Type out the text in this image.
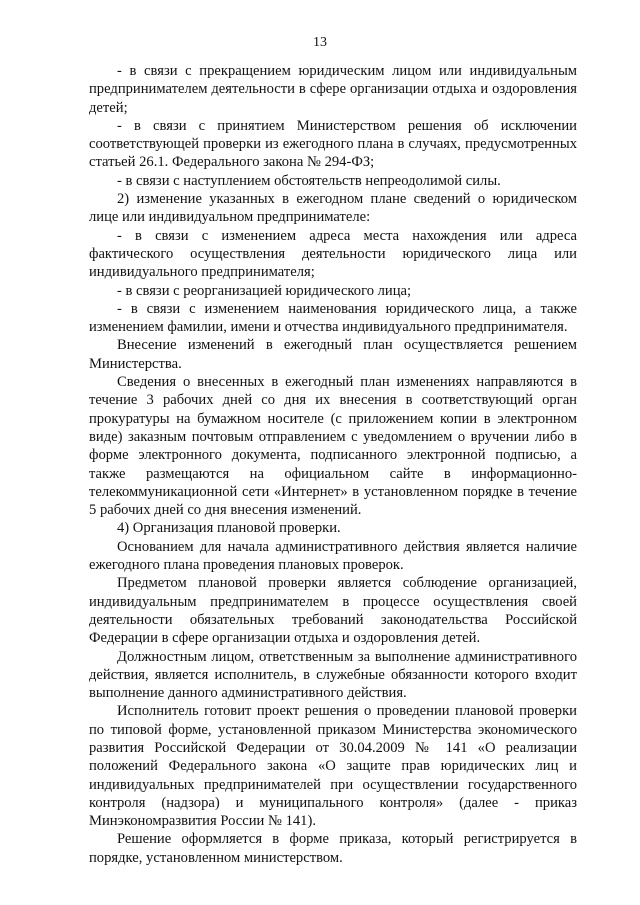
13

- в связи с прекращением юридическим лицом или индивидуальным предпринимателем деятельности в сфере организации отдыха и оздоровления детей;

- в связи с принятием Министерством решения об исключении соответствующей проверки из ежегодного плана в случаях, предусмотренных статьей 26.1. Федерального закона № 294-ФЗ;

- в связи с наступлением обстоятельств непреодолимой силы.

2) изменение указанных в ежегодном плане сведений о юридическом лице или индивидуальном предпринимателе:

- в связи с изменением адреса места нахождения или адреса фактического осуществления деятельности юридического лица или индивидуального предпринимателя;

- в связи с реорганизацией юридического лица;

- в связи с изменением наименования юридического лица, а также изменением фамилии, имени и отчества индивидуального предпринимателя.

Внесение изменений в ежегодный план осуществляется решением Министерства.

Сведения о внесенных в ежегодный план изменениях направляются в течение 3 рабочих дней со дня их внесения в соответствующий орган прокуратуры на бумажном носителе (с приложением копии в электронном виде) заказным почтовым отправлением с уведомлением о вручении либо в форме электронного документа, подписанного электронной подписью, а также размещаются на официальном сайте в информационно-телекоммуникационной сети «Интернет» в установленном порядке в течение 5 рабочих дней со дня внесения изменений.

4) Организация плановой проверки.

Основанием для начала административного действия является наличие ежегодного плана проведения плановых проверок.

Предметом плановой проверки является соблюдение организацией, индивидуальным предпринимателем в процессе осуществления своей деятельности обязательных требований законодательства Российской Федерации в сфере организации отдыха и оздоровления детей.

Должностным лицом, ответственным за выполнение административного действия, является исполнитель, в служебные обязанности которого входит выполнение данного административного действия.

Исполнитель готовит проект решения о проведении плановой проверки по типовой форме, установленной приказом Министерства экономического развития Российской Федерации от 30.04.2009 № 141 «О реализации положений Федерального закона «О защите прав юридических лиц и индивидуальных предпринимателей при осуществлении государственного контроля (надзора) и муниципального контроля» (далее - приказ Минэкономразвития России № 141).

Решение оформляется в форме приказа, который регистрируется в порядке, установленном министерством.
